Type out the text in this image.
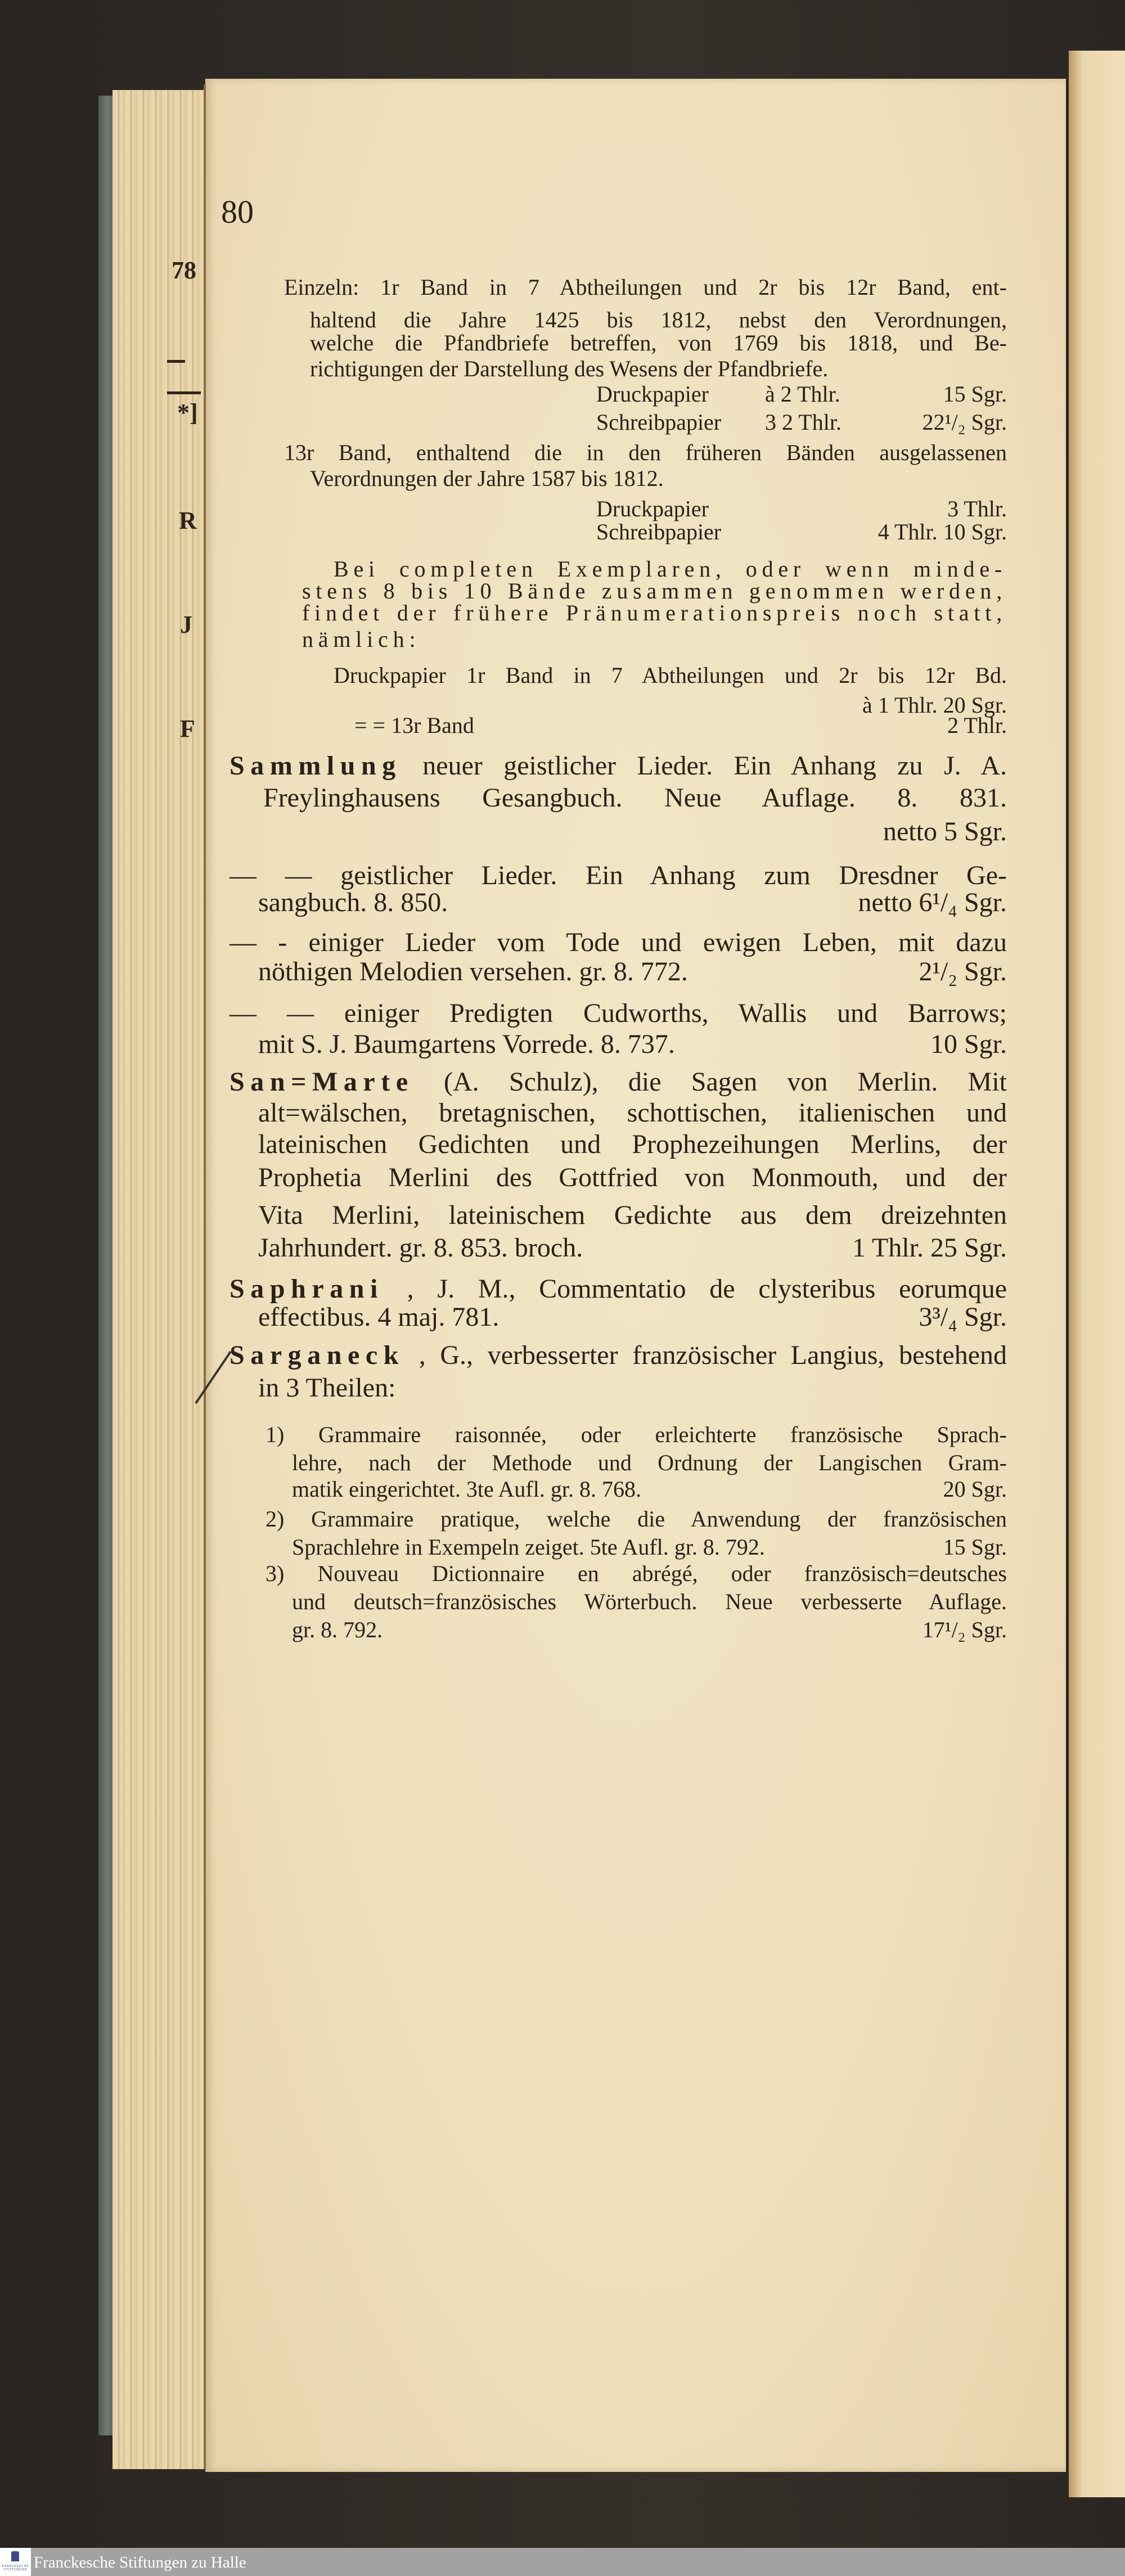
78
*]
R
J
F
80
Einzeln: 1r Band in 7 Abtheilungen und 2r bis 12r Band, ent-
haltend die Jahre 1425 bis 1812, nebst den Verordnungen,
welche die Pfandbriefe betreffen, von 1769 bis 1818, und Be-
richtigungen der Darstellung des Wesens der Pfandbriefe.
Druckpapier	à 2 Thlr.	15 Sgr.
Schreibpapier	3 2 Thlr.	22¹/₂ Sgr.
13r Band, enthaltend die in den früheren Bänden ausgelassenen
Verordnungen der Jahre 1587 bis 1812.
Druckpapier	3 Thlr.
Schreibpapier	4 Thlr. 10 Sgr.
Bei completen Exemplaren, oder wenn minde-
stens 8 bis 10 Bände zusammen genommen werden,
findet der frühere Pränumerationspreis noch statt,
nämlich:
Druckpapier 1r Band in 7 Abtheilungen und 2r bis 12r Bd.
à 1 Thlr. 20 Sgr.
= = 13r Band	2 Thlr.
Sammlung neuer geistlicher Lieder. Ein Anhang zu J. A.
Freylinghausens Gesangbuch. Neue Auflage. 8. 831.
netto 5 Sgr.
— — geistlicher Lieder. Ein Anhang zum Dresdner Ge-
sangbuch. 8. 850.	netto 6¹/₄ Sgr.
— - einiger Lieder vom Tode und ewigen Leben, mit dazu
nöthigen Melodien versehen. gr. 8. 772.	2¹/₂ Sgr.
— — einiger Predigten Cudworths, Wallis und Barrows;
mit S. J. Baumgartens Vorrede. 8. 737.	10 Sgr.
San=Marte (A. Schulz), die Sagen von Merlin. Mit
alt=wälschen, bretagnischen, schottischen, italienischen und
lateinischen Gedichten und Prophezeihungen Merlins, der
Prophetia Merlini des Gottfried von Monmouth, und der
Vita Merlini, lateinischem Gedichte aus dem dreizehnten
Jahrhundert. gr. 8. 853. broch.	1 Thlr. 25 Sgr.
Saphrani , J. M., Commentatio de clysteribus eorumque
effectibus. 4 maj. 781.	3³/₄ Sgr.
Sarganeck , G., verbesserter französischer Langius, bestehend
in 3 Theilen:
1) Grammaire raisonnée, oder erleichterte französische Sprach-
lehre, nach der Methode und Ordnung der Langischen Gram-
matik eingerichtet. 3te Aufl. gr. 8. 768.	20 Sgr.
2) Grammaire pratique, welche die Anwendung der französischen
Sprachlehre in Exempeln zeiget. 5te Aufl. gr. 8. 792.	15 Sgr.
3) Nouveau Dictionnaire en abrégé, oder französisch=deutsches
und deutsch=französisches Wörterbuch. Neue verbesserte Auflage.
gr. 8. 792.	17¹/₂ Sgr.
FRANCKESCHE STIFTUNGEN Franckesche Stiftungen zu Halle
